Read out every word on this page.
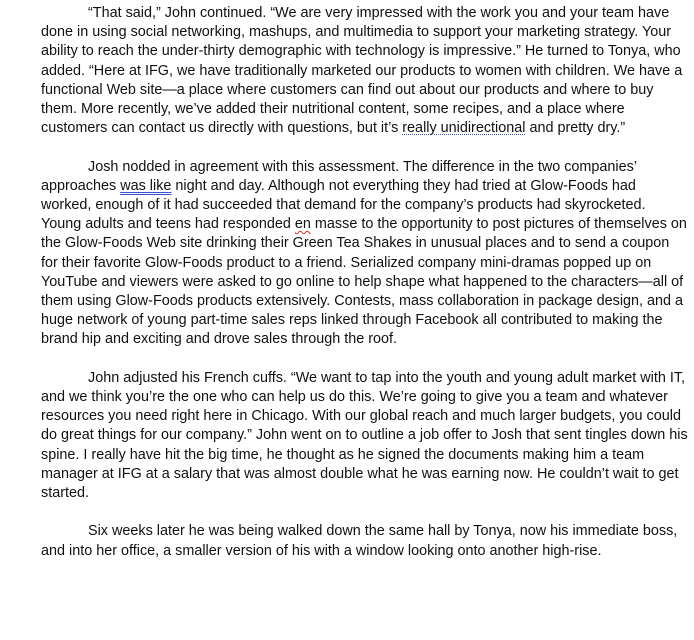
“That said,” John continued. “We are very impressed with the work you and your team have done in using social networking, mashups, and multimedia to support your marketing strategy. Your ability to reach the under-thirty demographic with technology is impressive.” He turned to Tonya, who added. “Here at IFG, we have traditionally marketed our products to women with children. We have a functional Web site—a place where customers can find out about our products and where to buy them. More recently, we’ve added their nutritional content, some recipes, and a place where customers can contact us directly with questions, but it’s really unidirectional and pretty dry.”

Josh nodded in agreement with this assessment. The difference in the two companies’ approaches was like night and day. Although not everything they had tried at Glow-Foods had worked, enough of it had succeeded that demand for the company’s products had skyrocketed. Young adults and teens had responded en masse to the opportunity to post pictures of themselves on the Glow-Foods Web site drinking their Green Tea Shakes in unusual places and to send a coupon for their favorite Glow-Foods product to a friend. Serialized company mini-dramas popped up on YouTube and viewers were asked to go online to help shape what happened to the characters—all of them using Glow-Foods products extensively. Contests, mass collaboration in package design, and a huge network of young part-time sales reps linked through Facebook all contributed to making the brand hip and exciting and drove sales through the roof.

John adjusted his French cuffs. “We want to tap into the youth and young adult market with IT, and we think you’re the one who can help us do this. We’re going to give you a team and whatever resources you need right here in Chicago. With our global reach and much larger budgets, you could do great things for our company.” John went on to outline a job offer to Josh that sent tingles down his spine. I really have hit the big time, he thought as he signed the documents making him a team manager at IFG at a salary that was almost double what he was earning now. He couldn’t wait to get started.

Six weeks later he was being walked down the same hall by Tonya, now his immediate boss, and into her office, a smaller version of his with a window looking onto another high-rise.
